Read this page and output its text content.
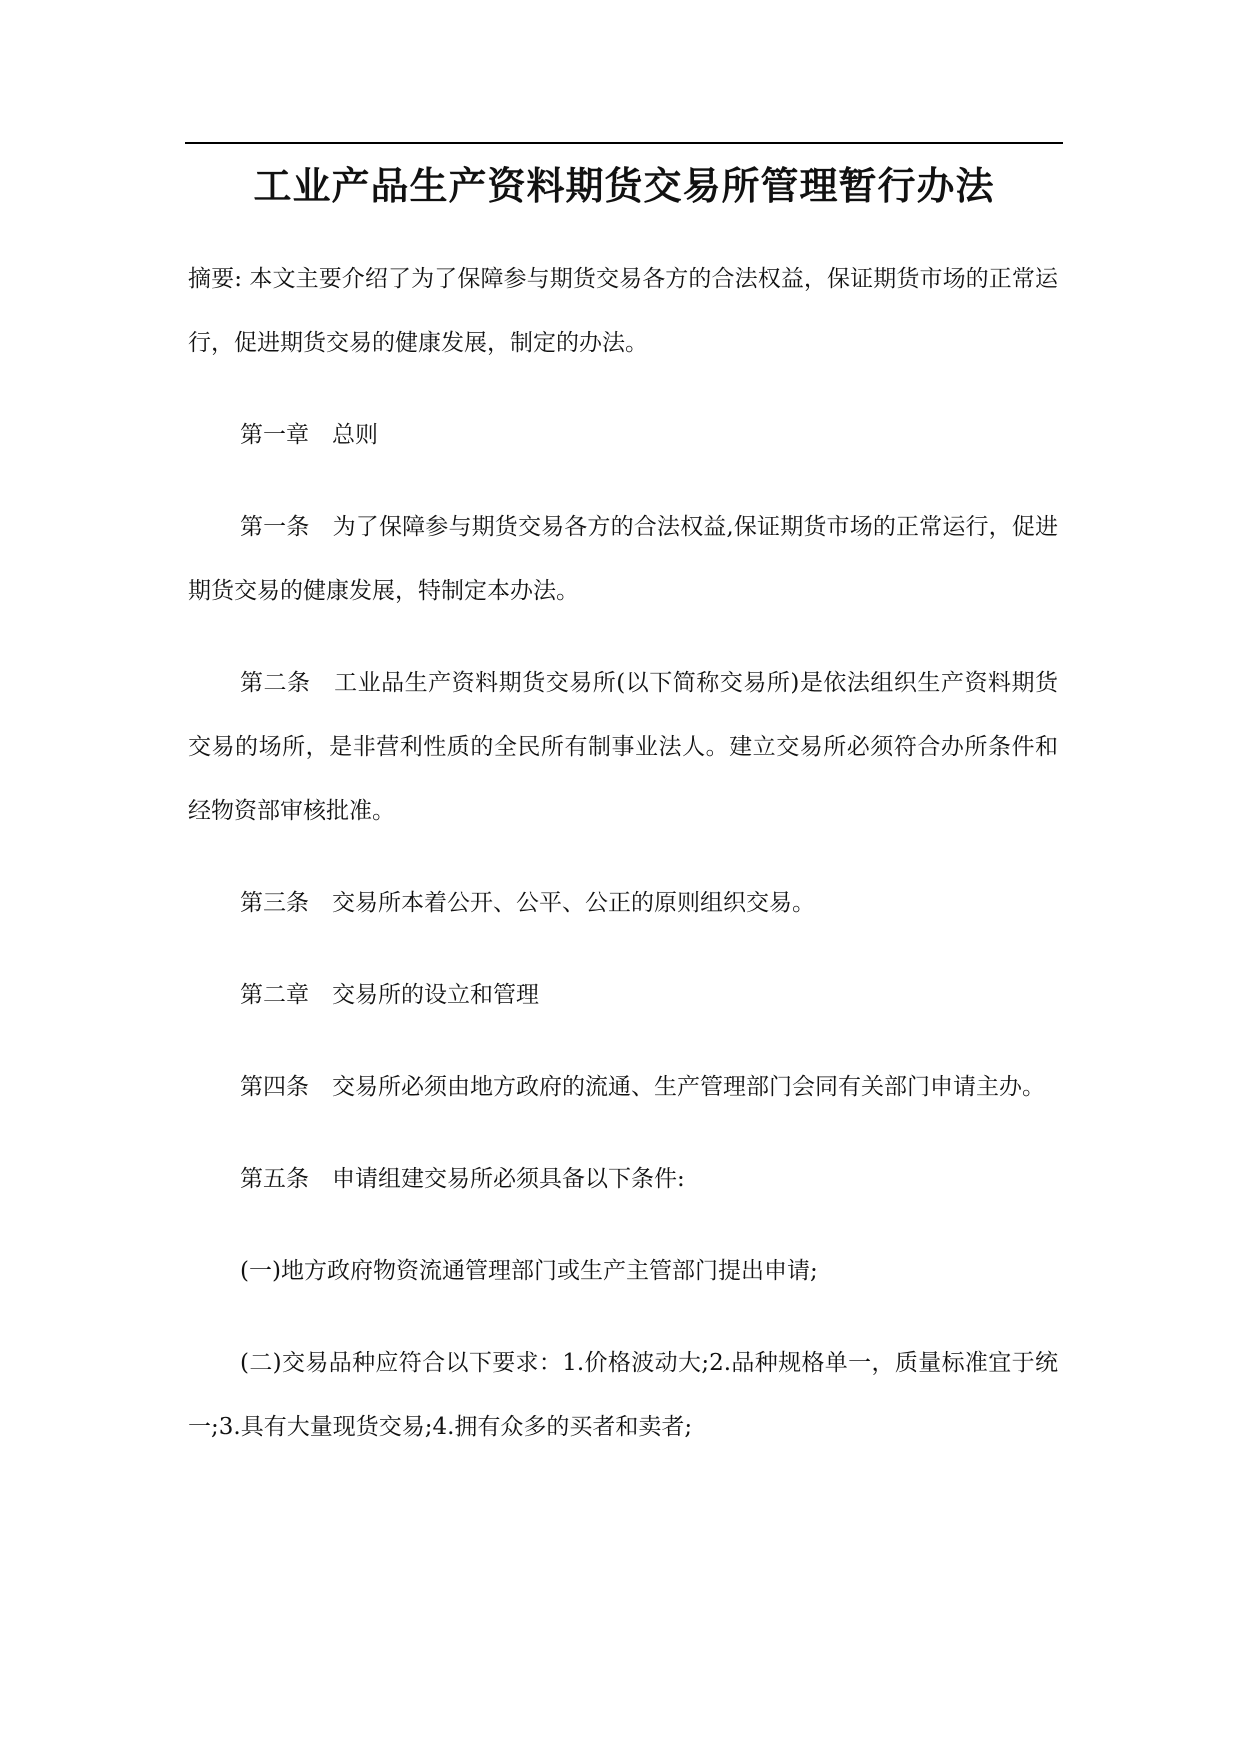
工业产品生产资料期货交易所管理暂行办法

摘要: 本文主要介绍了为了保障参与期货交易各方的合法权益，保证期货市场的正常运行，促进期货交易的健康发展，制定的办法。

第一章　总则

第一条　为了保障参与期货交易各方的合法权益,保证期货市场的正常运行，促进期货交易的健康发展，特制定本办法。

第二条　工业品生产资料期货交易所(以下简称交易所)是依法组织生产资料期货交易的场所，是非营利性质的全民所有制事业法人。建立交易所必须符合办所条件和经物资部审核批准。

第三条　交易所本着公开、公平、公正的原则组织交易。

第二章　交易所的设立和管理

第四条　交易所必须由地方政府的流通、生产管理部门会同有关部门申请主办。

第五条　申请组建交易所必须具备以下条件:

(一)地方政府物资流通管理部门或生产主管部门提出申请;

(二)交易品种应符合以下要求：1.价格波动大;2.品种规格单一，质量标准宜于统一;3.具有大量现货交易;4.拥有众多的买者和卖者;
